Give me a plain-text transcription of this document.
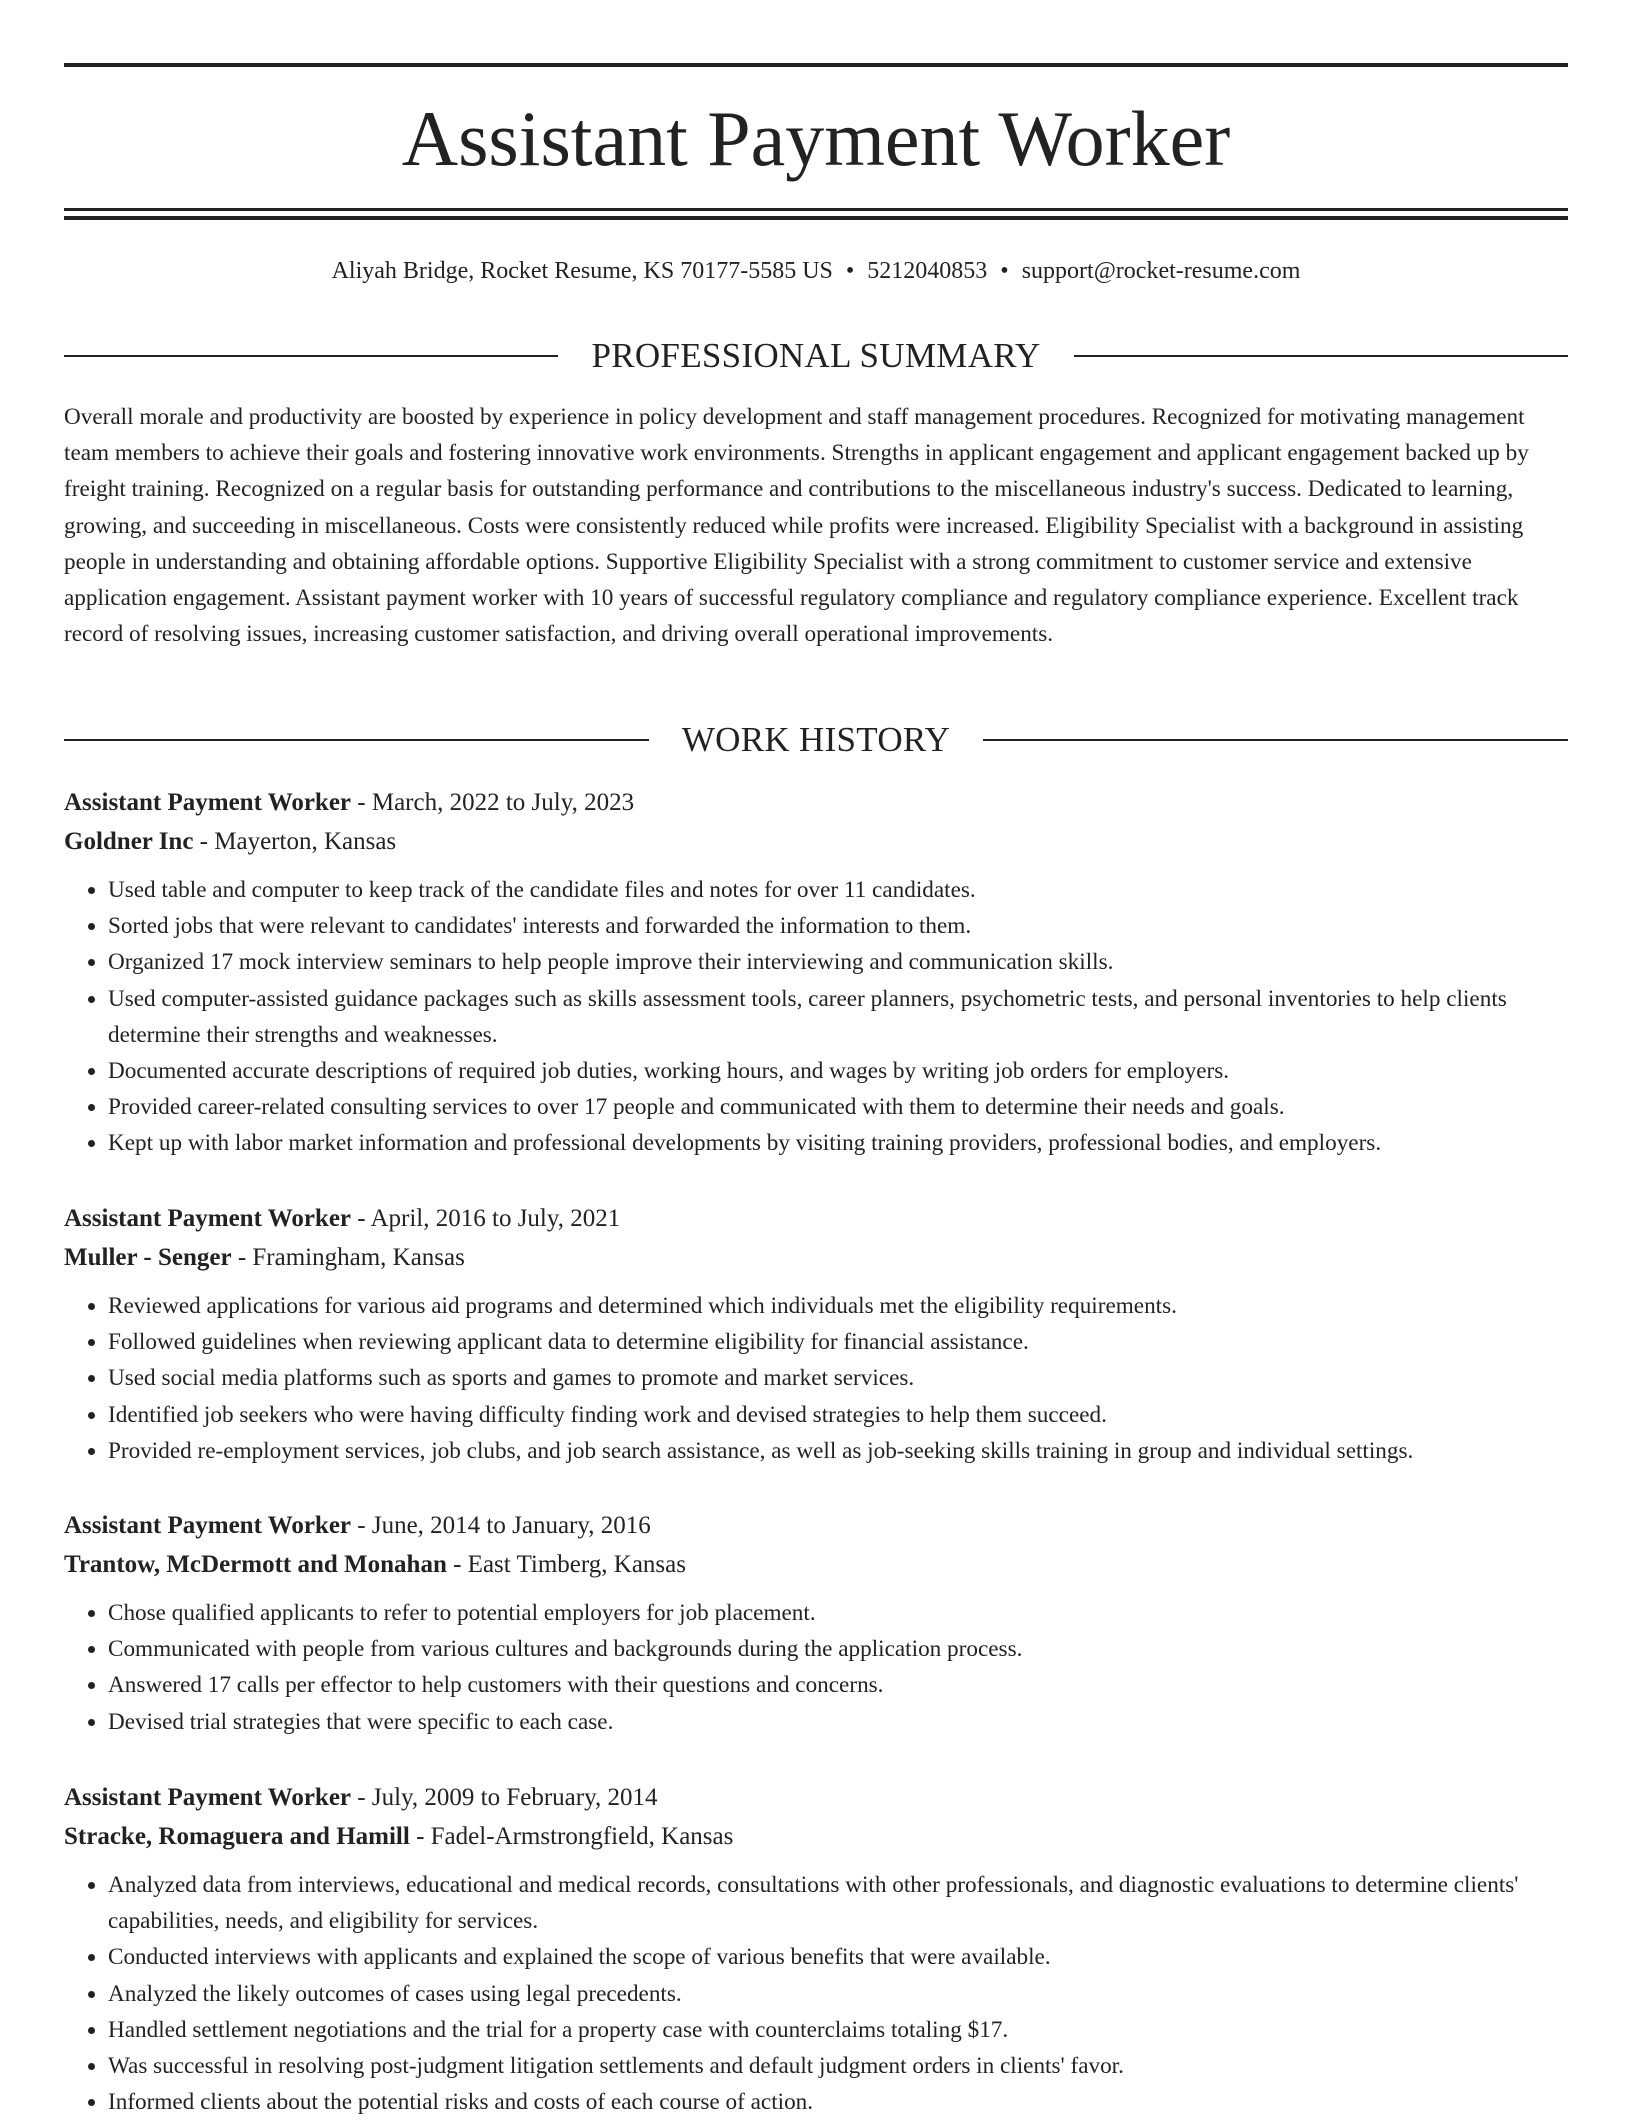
Assistant Payment Worker
Aliyah Bridge, Rocket Resume, KS 70177-5585 US • 5212040853 • support@rocket-resume.com
PROFESSIONAL SUMMARY

Overall morale and productivity are boosted by experience in policy development and staff management procedures. Recognized for motivating management team members to achieve their goals and fostering innovative work environments. Strengths in applicant engagement and applicant engagement backed up by freight training. Recognized on a regular basis for outstanding performance and contributions to the miscellaneous industry's success. Dedicated to learning, growing, and succeeding in miscellaneous. Costs were consistently reduced while profits were increased. Eligibility Specialist with a background in assisting people in understanding and obtaining affordable options. Supportive Eligibility Specialist with a strong commitment to customer service and extensive application engagement. Assistant payment worker with 10 years of successful regulatory compliance and regulatory compliance experience. Excellent track record of resolving issues, increasing customer satisfaction, and driving overall operational improvements.

WORK HISTORY
Assistant Payment Worker - March, 2022 to July, 2023
Goldner Inc - Mayerton, Kansas
• Used table and computer to keep track of the candidate files and notes for over 11 candidates.
• Sorted jobs that were relevant to candidates' interests and forwarded the information to them.
• Organized 17 mock interview seminars to help people improve their interviewing and communication skills.
• Used computer-assisted guidance packages such as skills assessment tools, career planners, psychometric tests, and personal inventories to help clients determine their strengths and weaknesses.
• Documented accurate descriptions of required job duties, working hours, and wages by writing job orders for employers.
• Provided career-related consulting services to over 17 people and communicated with them to determine their needs and goals.
• Kept up with labor market information and professional developments by visiting training providers, professional bodies, and employers.
Assistant Payment Worker - April, 2016 to July, 2021
Muller - Senger - Framingham, Kansas
• Reviewed applications for various aid programs and determined which individuals met the eligibility requirements.
• Followed guidelines when reviewing applicant data to determine eligibility for financial assistance.
• Used social media platforms such as sports and games to promote and market services.
• Identified job seekers who were having difficulty finding work and devised strategies to help them succeed.
• Provided re-employment services, job clubs, and job search assistance, as well as job-seeking skills training in group and individual settings.
Assistant Payment Worker - June, 2014 to January, 2016
Trantow, McDermott and Monahan - East Timberg, Kansas
• Chose qualified applicants to refer to potential employers for job placement.
• Communicated with people from various cultures and backgrounds during the application process.
• Answered 17 calls per effector to help customers with their questions and concerns.
• Devised trial strategies that were specific to each case.
Assistant Payment Worker - July, 2009 to February, 2014
Stracke, Romaguera and Hamill - Fadel-Armstrongfield, Kansas
• Analyzed data from interviews, educational and medical records, consultations with other professionals, and diagnostic evaluations to determine clients' capabilities, needs, and eligibility for services.
• Conducted interviews with applicants and explained the scope of various benefits that were available.
• Analyzed the likely outcomes of cases using legal precedents.
• Handled settlement negotiations and the trial for a property case with counterclaims totaling $17.
• Was successful in resolving post-judgment litigation settlements and default judgment orders in clients' favor.
• Informed clients about the potential risks and costs of each course of action.
